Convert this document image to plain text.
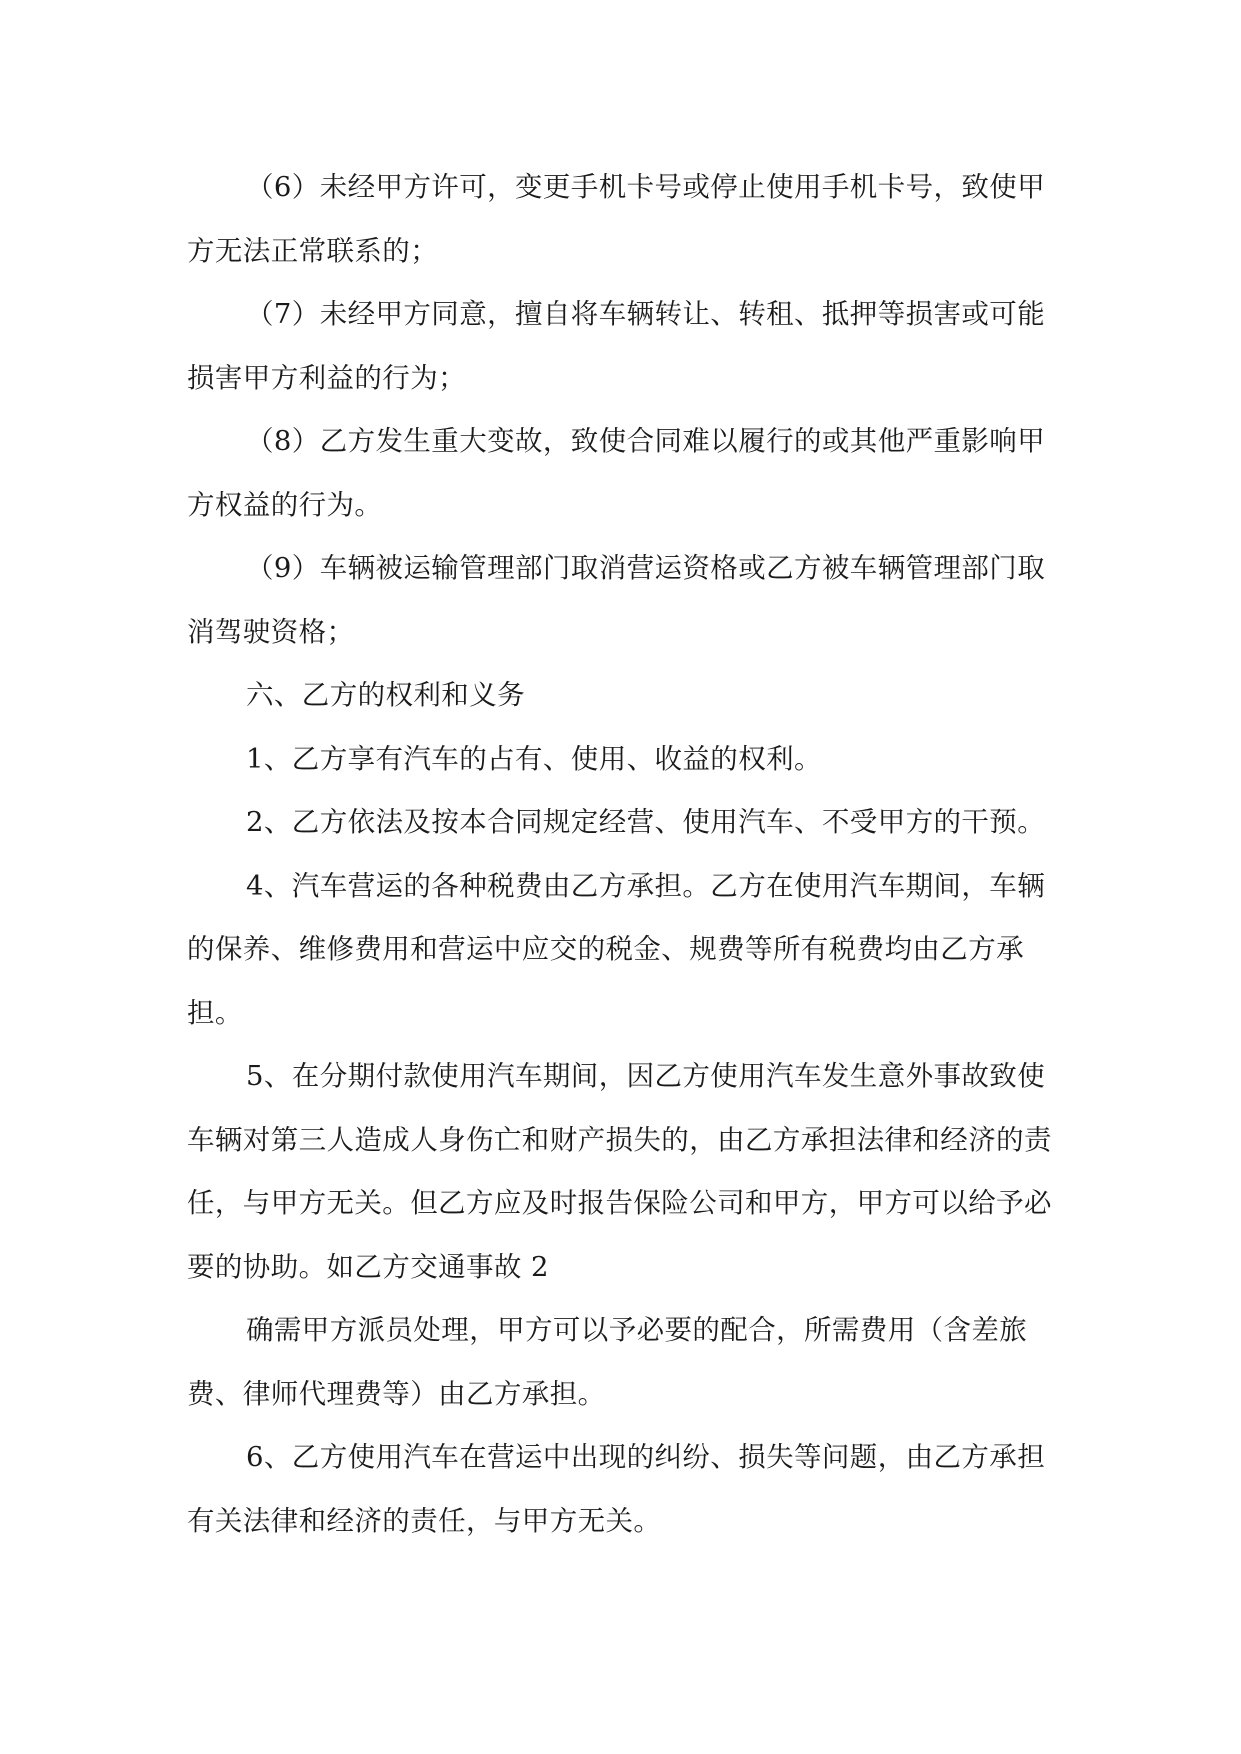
（6）未经甲方许可，变更手机卡号或停止使用手机卡号，致使甲方无法正常联系的；

（7）未经甲方同意，擅自将车辆转让、转租、抵押等损害或可能损害甲方利益的行为；

（8）乙方发生重大变故，致使合同难以履行的或其他严重影响甲方权益的行为。

（9）车辆被运输管理部门取消营运资格或乙方被车辆管理部门取消驾驶资格；

六、乙方的权利和义务

1、乙方享有汽车的占有、使用、收益的权利。

2、乙方依法及按本合同规定经营、使用汽车、不受甲方的干预。

4、汽车营运的各种税费由乙方承担。乙方在使用汽车期间，车辆的保养、维修费用和营运中应交的税金、规费等所有税费均由乙方承担。

5、在分期付款使用汽车期间，因乙方使用汽车发生意外事故致使车辆对第三人造成人身伤亡和财产损失的，由乙方承担法律和经济的责任，与甲方无关。但乙方应及时报告保险公司和甲方，甲方可以给予必要的协助。如乙方交通事故 2

确需甲方派员处理，甲方可以予必要的配合，所需费用（含差旅费、律师代理费等）由乙方承担。

6、乙方使用汽车在营运中出现的纠纷、损失等问题，由乙方承担有关法律和经济的责任，与甲方无关。
